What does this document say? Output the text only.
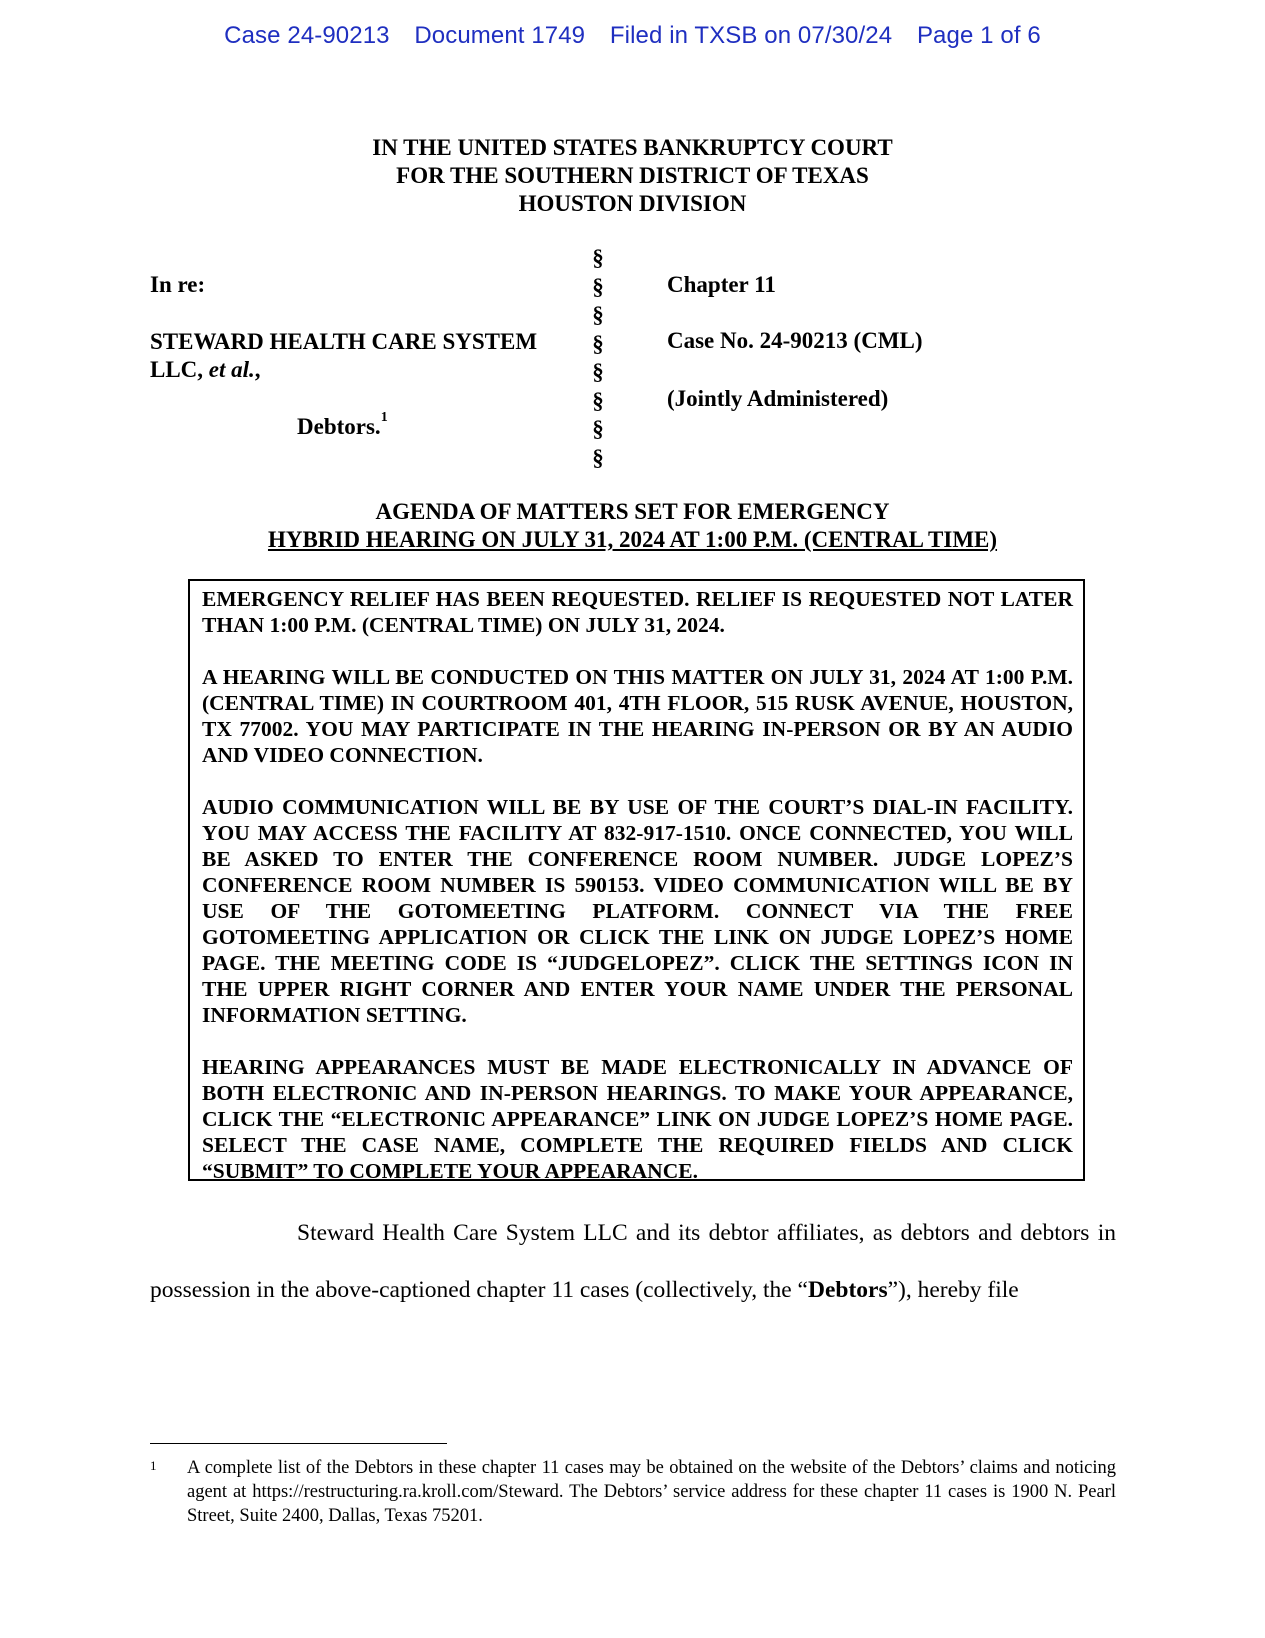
Case 24-90213 Document 1749 Filed in TXSB on 07/30/24 Page 1 of 6
IN THE UNITED STATES BANKRUPTCY COURT
FOR THE SOUTHERN DISTRICT OF TEXAS
HOUSTON DIVISION
In re:
STEWARD HEALTH CARE SYSTEM
LLC, et al.,
Debtors.$^1$
§
§
§
§
§
§
§
§
Chapter 11
Case No. 24-90213 (CML)
(Jointly Administered)
AGENDA OF MATTERS SET FOR EMERGENCY
HYBRID HEARING ON JULY 31, 2024 AT 1:00 P.M. (CENTRAL TIME)

EMERGENCY RELIEF HAS BEEN REQUESTED. RELIEF IS REQUESTED NOT LATER THAN 1:00 P.M. (CENTRAL TIME) ON JULY 31, 2024.

A HEARING WILL BE CONDUCTED ON THIS MATTER ON JULY 31, 2024 AT 1:00 P.M. (CENTRAL TIME) IN COURTROOM 401, 4TH FLOOR, 515 RUSK AVENUE, HOUSTON, TX 77002. YOU MAY PARTICIPATE IN THE HEARING IN-PERSON OR BY AN AUDIO AND VIDEO CONNECTION.

AUDIO COMMUNICATION WILL BE BY USE OF THE COURT’S DIAL-IN FACILITY. YOU MAY ACCESS THE FACILITY AT 832-917-1510. ONCE CONNECTED, YOU WILL BE ASKED TO ENTER THE CONFERENCE ROOM NUMBER. JUDGE LOPEZ’S CONFERENCE ROOM NUMBER IS 590153. VIDEO COMMUNICATION WILL BE BY USE OF THE GOTOMEETING PLATFORM. CONNECT VIA THE FREE GOTOMEETING APPLICATION OR CLICK THE LINK ON JUDGE LOPEZ’S HOME PAGE. THE MEETING CODE IS “JUDGELOPEZ”. CLICK THE SETTINGS ICON IN THE UPPER RIGHT CORNER AND ENTER YOUR NAME UNDER THE PERSONAL INFORMATION SETTING.

HEARING APPEARANCES MUST BE MADE ELECTRONICALLY IN ADVANCE OF BOTH ELECTRONIC AND IN-PERSON HEARINGS. TO MAKE YOUR APPEARANCE, CLICK THE “ELECTRONIC APPEARANCE” LINK ON JUDGE LOPEZ’S HOME PAGE. SELECT THE CASE NAME, COMPLETE THE REQUIRED FIELDS AND CLICK “SUBMIT” TO COMPLETE YOUR APPEARANCE.

Steward Health Care System LLC and its debtor affiliates, as debtors and debtors in possession in the above-captioned chapter 11 cases (collectively, the “Debtors”), hereby file
1 A complete list of the Debtors in these chapter 11 cases may be obtained on the website of the Debtors’ claims and noticing agent at https://restructuring.ra.kroll.com/Steward. The Debtors’ service address for these chapter 11 cases is 1900 N. Pearl Street, Suite 2400, Dallas, Texas 75201.
